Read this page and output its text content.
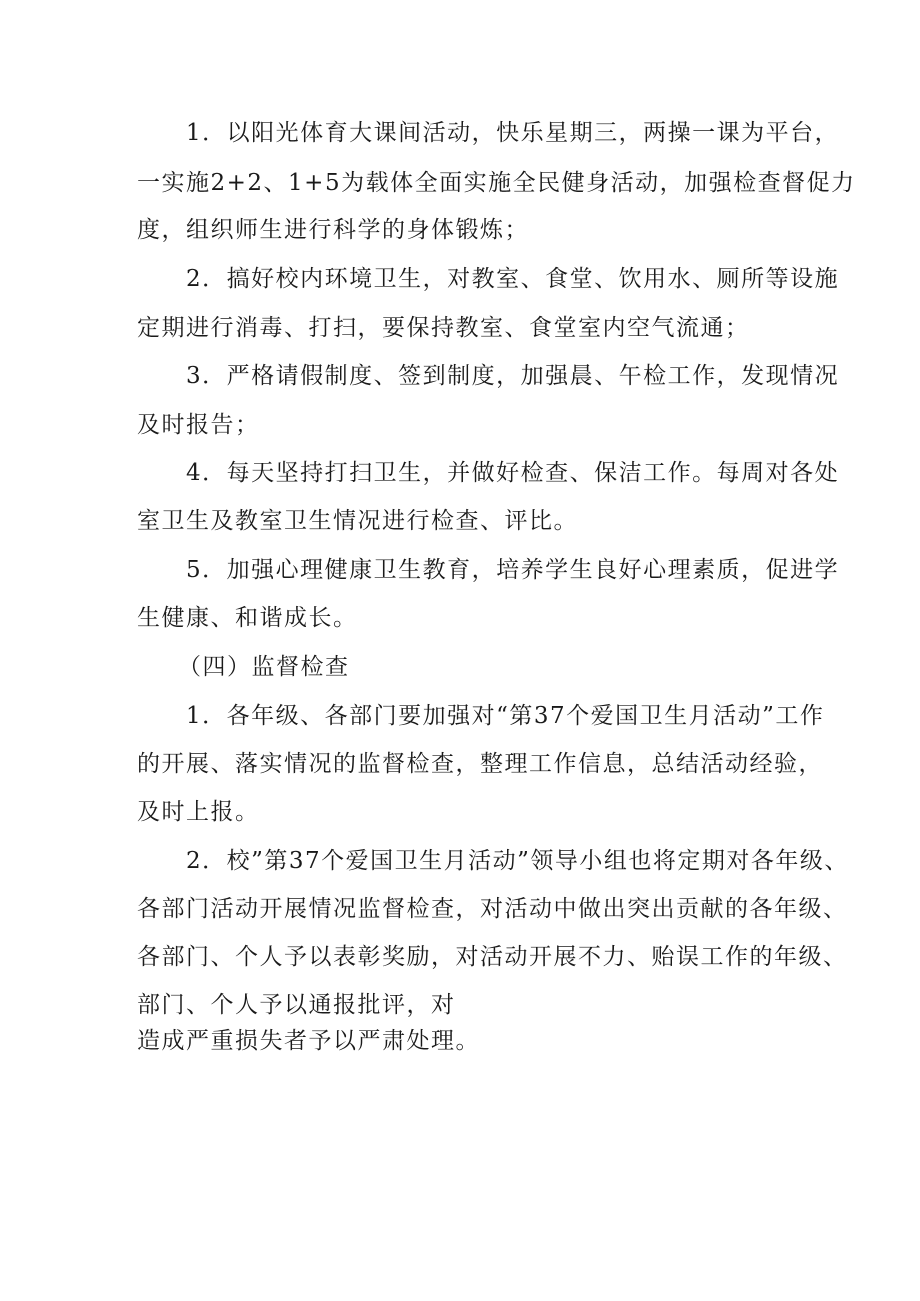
1．以阳光体育大课间活动，快乐星期三，两操一课为平台，
一实施2+2、1+5为载体全面实施全民健身活动，加强检查督促力
度，组织师生进行科学的身体锻炼；
2．搞好校内环境卫生，对教室、食堂、饮用水、厕所等设施
定期进行消毒、打扫，要保持教室、食堂室内空气流通；
3．严格请假制度、签到制度，加强晨、午检工作，发现情况
及时报告；
4．每天坚持打扫卫生，并做好检查、保洁工作。每周对各处
室卫生及教室卫生情况进行检查、评比。
5．加强心理健康卫生教育，培养学生良好心理素质，促进学
生健康、和谐成长。
（四）监督检查
1．各年级、各部门要加强对“第37个爱国卫生月活动”工作
的开展、落实情况的监督检查，整理工作信息，总结活动经验，
及时上报。
2．校”第37个爱国卫生月活动”领导小组也将定期对各年级、
各部门活动开展情况监督检查，对活动中做出突出贡献的各年级、
各部门、个人予以表彰奖励，对活动开展不力、贻误工作的年级、
部门、个人予以通报批评，对
造成严重损失者予以严肃处理。
